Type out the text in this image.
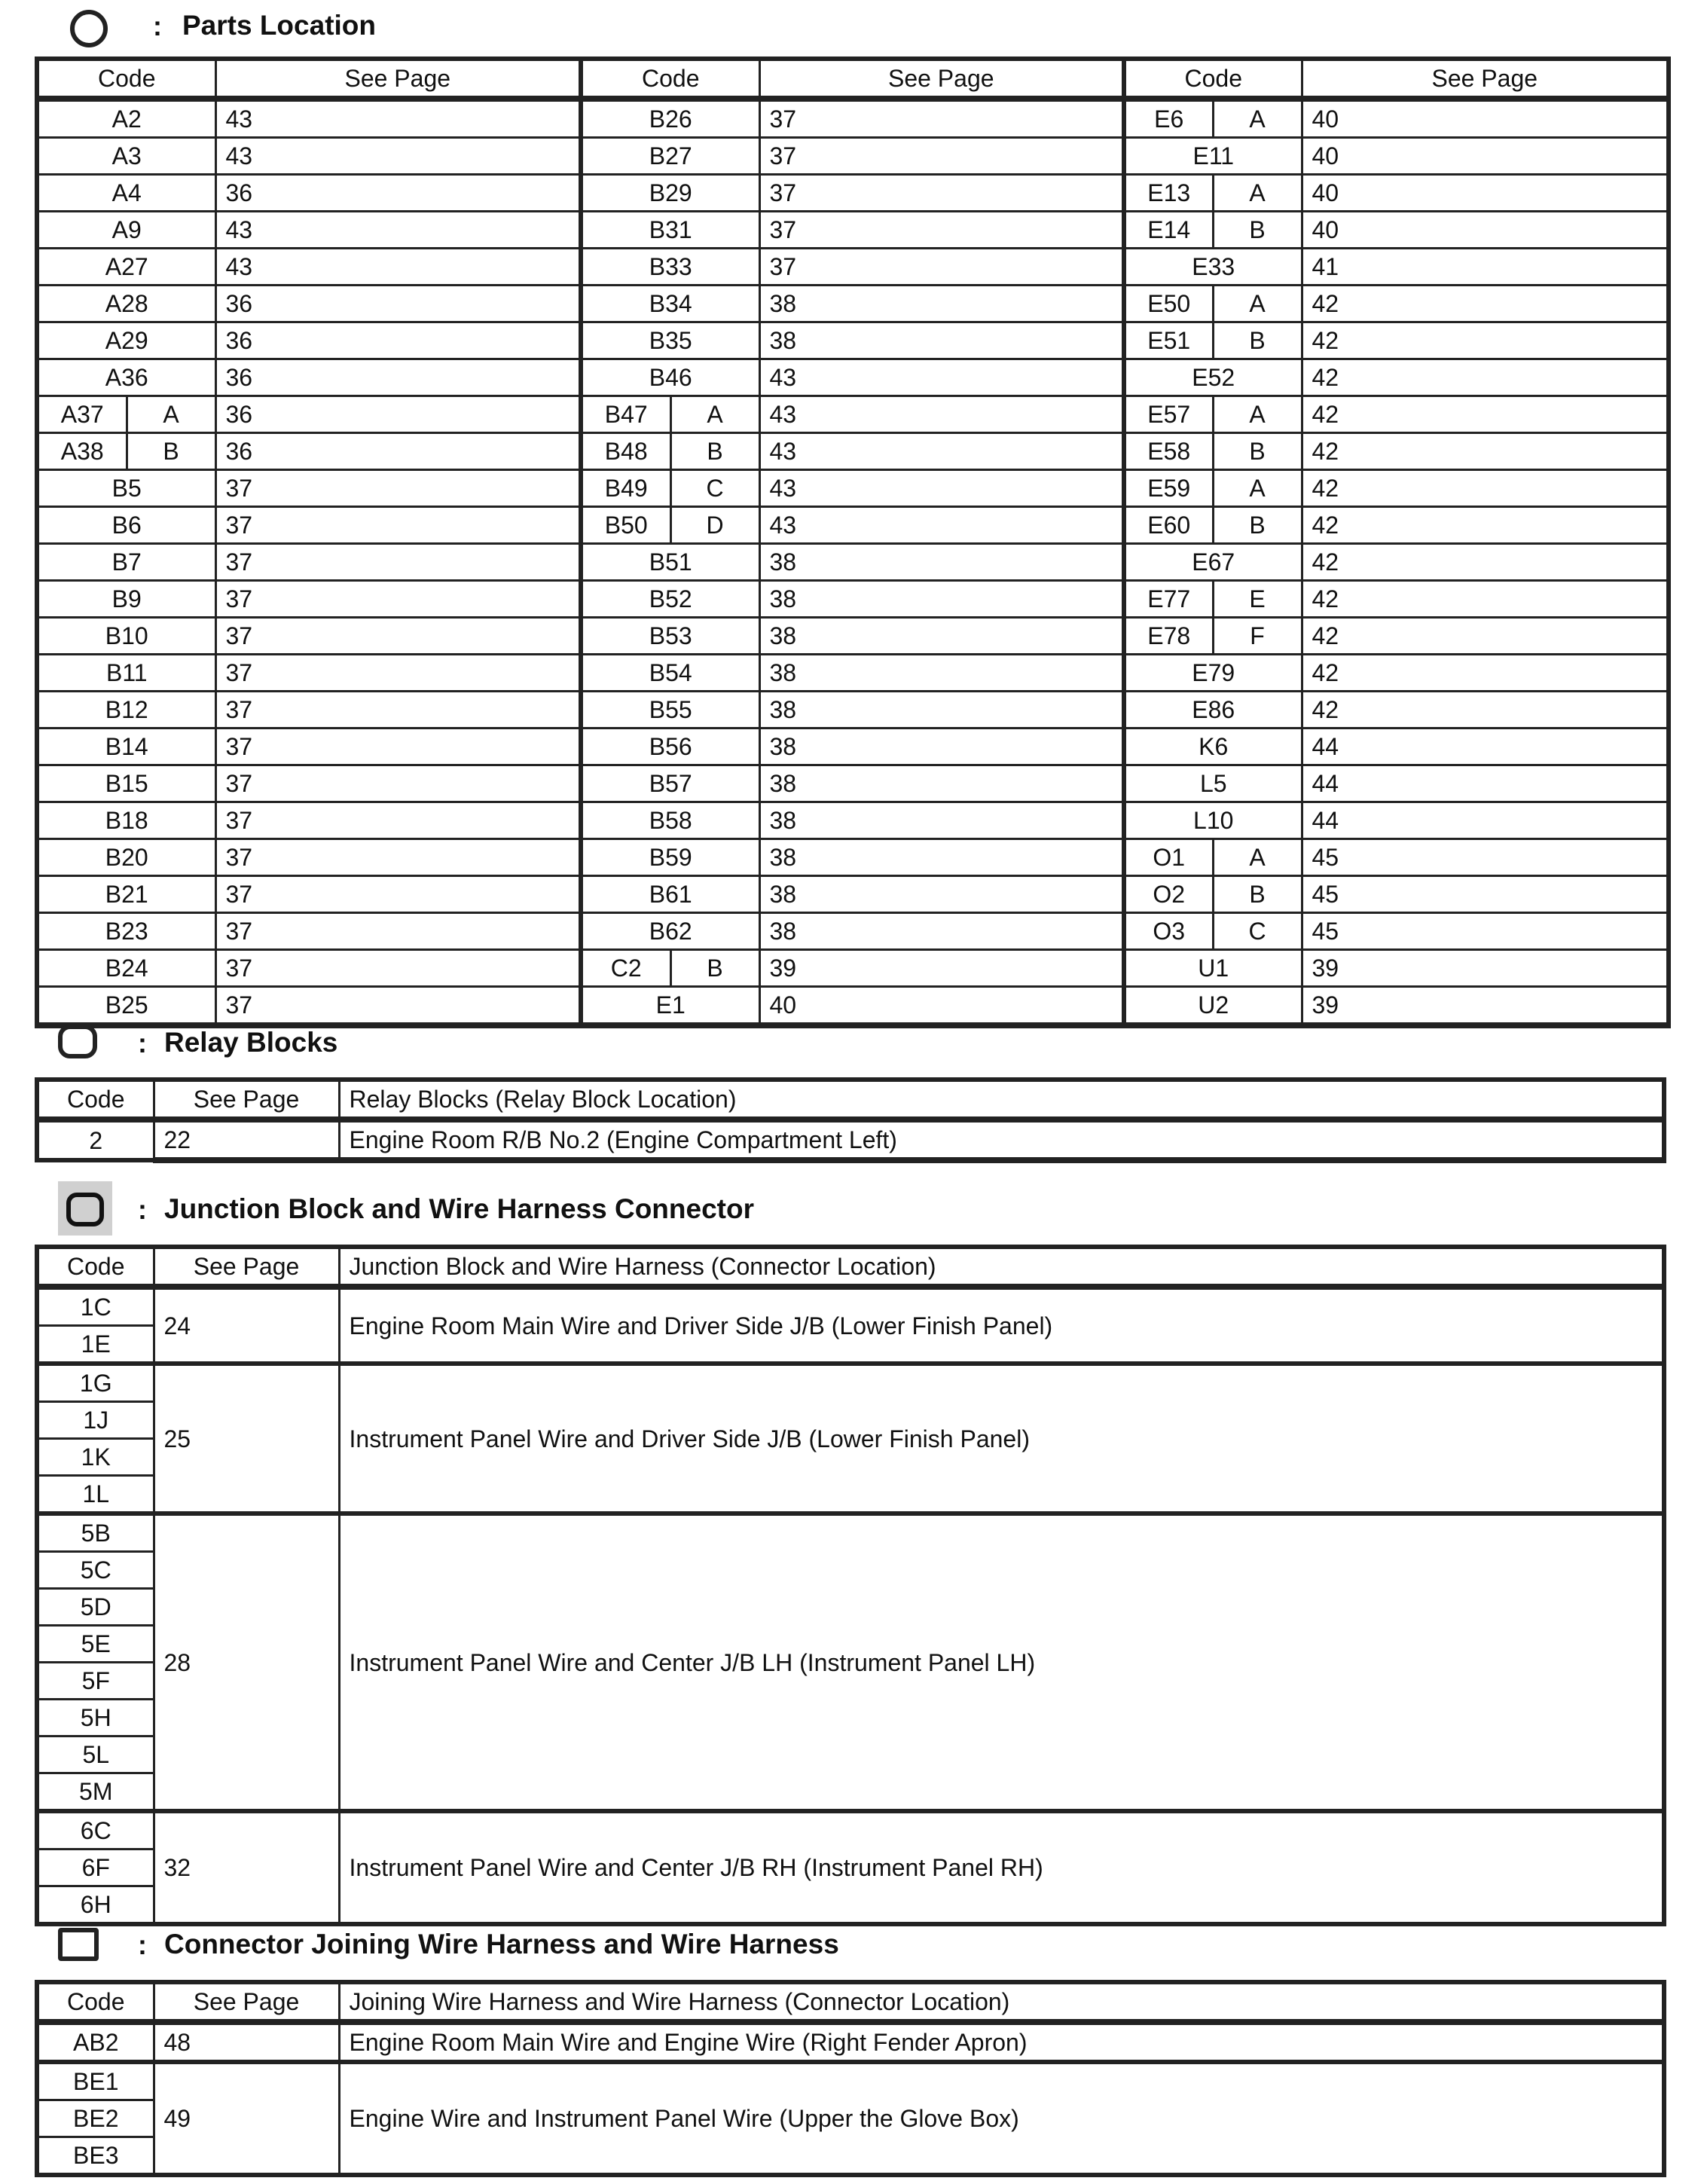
: Parts Location
Code		See Page	Code		See Page	Code		See Page
A2		43	B26		37	E6	A	40
A3		43	B27		37	E11		40
A4		36	B29		37	E13	A	40
A9		43	B31		37	E14	B	40
A27		43	B33		37	E33		41
A28		36	B34		38	E50	A	42
A29		36	B35		38	E51	B	42
A36		36	B46		43	E52		42
A37	A	36	B47	A	43	E57	A	42
A38	B	36	B48	B	43	E58	B	42
B5		37	B49	C	43	E59	A	42
B6		37	B50	D	43	E60	B	42
B7		37	B51		38	E67		42
B9		37	B52		38	E77	E	42
B10		37	B53		38	E78	F	42
B11		37	B54		38	E79		42
B12		37	B55		38	E86		42
B14		37	B56		38	K6		44
B15		37	B57		38	L5		44
B18		37	B58		38	L10		44
B20		37	B59		38	O1	A	45
B21		37	B61		38	O2	B	45
B23		37	B62		38	O3	C	45
B24		37	C2	B	39	U1		39
B25		37	E1		40	U2		39
: Relay Blocks
Code	See Page	Relay Blocks (Relay Block Location)
2	22	Engine Room R/B No.2 (Engine Compartment Left)
: Junction Block and Wire Harness Connector
Code	See Page	Junction Block and Wire Harness (Connector Location)
1C	24	Engine Room Main Wire and Driver Side J/B (Lower Finish Panel)
1E		
1G	25	Instrument Panel Wire and Driver Side J/B (Lower Finish Panel)
1J		
1K		
1L		
5B	28	Instrument Panel Wire and Center J/B LH (Instrument Panel LH)
5C		
5D		
5E		
5F		
5H		
5L		
5M		
6C	32	Instrument Panel Wire and Center J/B RH (Instrument Panel RH)
6F		
6H		
: Connector Joining Wire Harness and Wire Harness
Code	See Page	Joining Wire Harness and Wire Harness (Connector Location)
AB2	48	Engine Room Main Wire and Engine Wire (Right Fender Apron)
BE1	49	Engine Wire and Instrument Panel Wire (Upper the Glove Box)
BE2		
BE3		
